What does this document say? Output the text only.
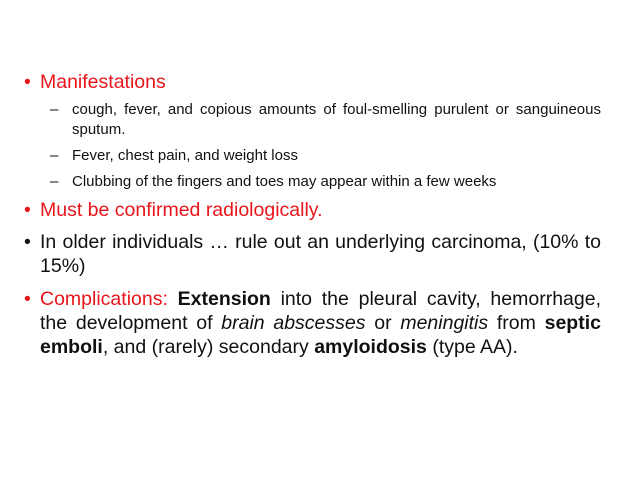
• Manifestations
– cough, fever, and copious amounts of foul-smelling purulent or sanguineous sputum.
– Fever, chest pain, and weight loss
– Clubbing of the fingers and toes may appear within a few weeks
• Must be confirmed radiologically.
• In older individuals … rule out an underlying carcinoma, (10% to 15%)
• Complications: Extension into the pleural cavity, hemorrhage, the development of brain abscesses or meningitis from septic emboli, and (rarely) secondary amyloidosis (type AA).
